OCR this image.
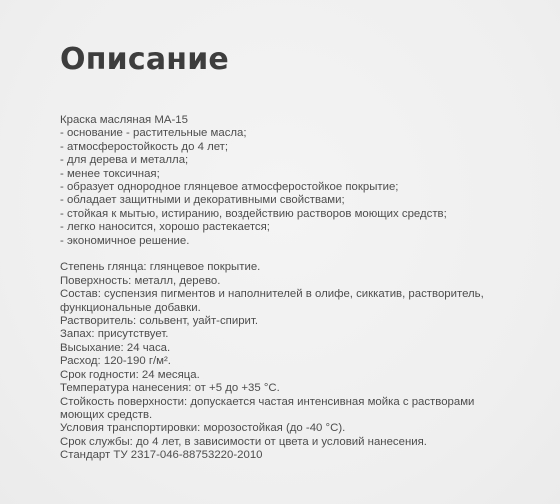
Описание
Краска масляная МА-15
- основание - растительные масла;
- атмосферостойкость до 4 лет;
- для дерева и металла;
- менее токсичная;
- образует однородное глянцевое атмосферостойкое покрытие;
- обладает защитными и декоративными свойствами;
- стойкая к мытью, истиранию, воздействию растворов моющих средств;
- легко наносится, хорошо растекается;
- экономичное решение.
Степень глянца: глянцевое покрытие.
Поверхность: металл, дерево.
Состав: суспензия пигментов и наполнителей в олифе, сиккатив, растворитель,
функциональные добавки.
Растворитель: сольвент, уайт-спирит.
Запах: присутствует.
Высыхание: 24 часа.
Расход: 120-190 г/м².
Срок годности: 24 месяца.
Температура нанесения: от +5 до +35 °С.
Стойкость поверхности: допускается частая интенсивная мойка с растворами
моющих средств.
Условия транспортировки: морозостойкая (до -40 °С).
Срок службы: до 4 лет, в зависимости от цвета и условий нанесения.
Стандарт ТУ 2317-046-88753220-2010
